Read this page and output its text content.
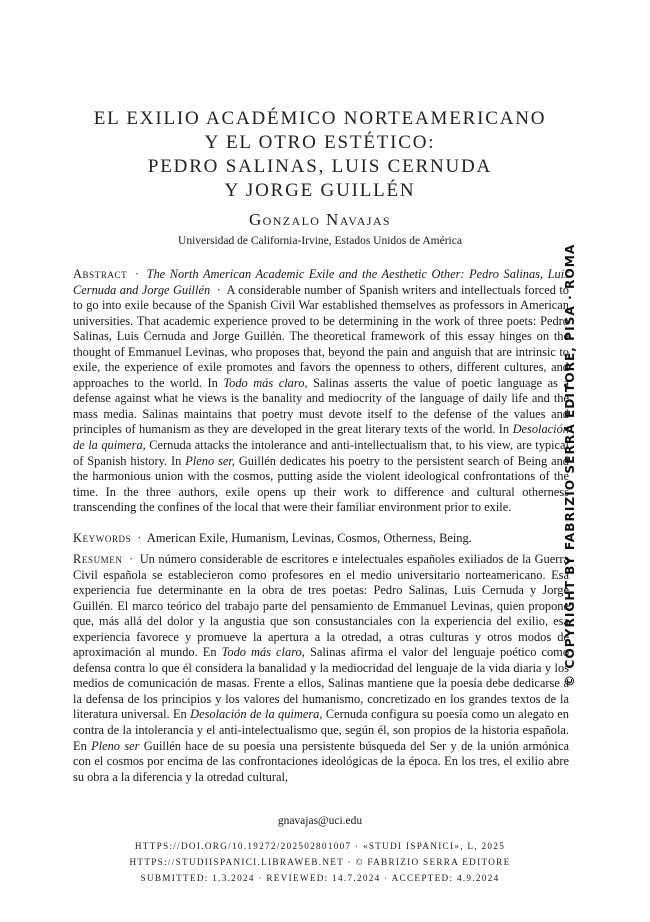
EL EXILIO ACADÉMICO NORTEAMERICANO
Y EL OTRO ESTÉTICO:
PEDRO SALINAS, LUIS CERNUDA
Y JORGE GUILLÉN
Gonzalo Navajas
Universidad de California-Irvine, Estados Unidos de América
Abstract · The North American Academic Exile and the Aesthetic Other: Pedro Salinas, Luis Cernuda and Jorge Guillén · A considerable number of Spanish writers and intellectuals forced to to go into exile because of the Spanish Civil War established themselves as professors in American universities. That academic experience proved to be determining in the work of three poets: Pedro Salinas, Luis Cernuda and Jorge Guillén. The theoretical framework of this essay hinges on the thought of Emmanuel Levinas, who proposes that, beyond the pain and anguish that are intrinsic to exile, the experience of exile promotes and favors the openness to others, different cultures, and approaches to the world. In Todo más claro, Salinas asserts the value of poetic language as a defense against what he views is the banality and mediocrity of the language of daily life and the mass media. Salinas maintains that poetry must devote itself to the defense of the values and principles of humanism as they are developed in the great literary texts of the world. In Desolación de la quimera, Cernuda attacks the intolerance and anti-intellectualism that, to his view, are typical of Spanish history. In Pleno ser, Guillén dedicates his poetry to the persistent search of Being and the harmonious union with the cosmos, putting aside the violent ideological confrontations of the time. In the three authors, exile opens up their work to difference and cultural otherness transcending the confines of the local that were their familiar environment prior to exile.
Keywords · American Exile, Humanism, Levinas, Cosmos, Otherness, Being.
Resumen · Un número considerable de escritores e intelectuales españoles exiliados de la Guerra Civil española se establecieron como profesores en el medio universitario norteamericano. Esa experiencia fue determinante en la obra de tres poetas: Pedro Salinas, Luis Cernuda y Jorge Guillén. El marco teórico del trabajo parte del pensamiento de Emmanuel Levinas, quien propone que, más allá del dolor y la angustia que son consustanciales con la experiencia del exilio, esa experiencia favorece y promueve la apertura a la otredad, a otras culturas y otros modos de aproximación al mundo. En Todo más claro, Salinas afirma el valor del lenguaje poético como defensa contra lo que él considera la banalidad y la mediocridad del lenguaje de la vida diaria y los medios de comunicación de masas. Frente a ellos, Salinas mantiene que la poesía debe dedicarse a la defensa de los principios y los valores del humanismo, concretizado en los grandes textos de la literatura universal. En Desolación de la quimera, Cernuda configura su poesía como un alegato en contra de la intolerancia y el anti-intelectualismo que, según él, son propios de la historia española. En Pleno ser Guillén hace de su poesía una persistente búsqueda del Ser y de la unión armónica con el cosmos por encima de las confrontaciones ideológicas de la época. En los tres, el exilio abre su obra a la diferencia y la otredad cultural,
gnavajas@uci.edu
HTTPS://DOI.ORG/10.19272/202502801007 · «STUDI ISPANICI», L, 2025
HTTPS://STUDIISPANICI.LIBRAWEB.NET · © FABRIZIO SERRA EDITORE
SUBMITTED: 1.3.2024 · REVIEWED: 14.7.2024 · ACCEPTED: 4.9.2024
© COPYRIGHT BY FABRIZIO SERRA EDITORE, PISA · ROMA
